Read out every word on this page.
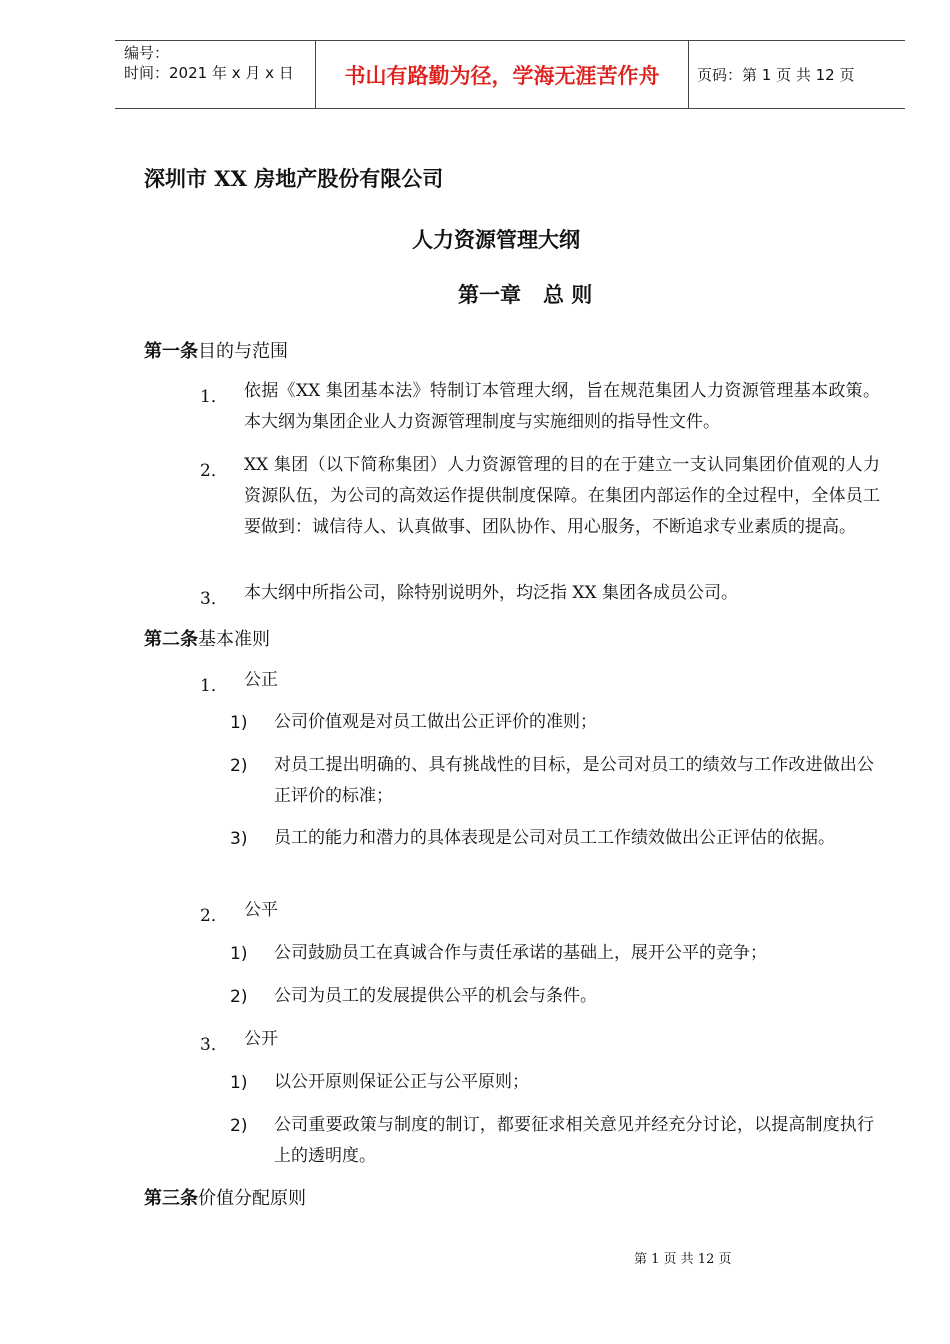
编号：
时间：2021 年 x 月 x 日	书山有路勤为径，学海无涯苦作舟	页码：第 1 页 共 12 页
深圳市 XX 房地产股份有限公司
人力资源管理大纲
第一章 总 则
第一条目的与范围
1． 依据《XX 集团基本法》特制订本管理大纲，旨在规范集团人力资源管理基本政策。本大纲为集团企业人力资源管理制度与实施细则的指导性文件。
2． XX 集团（以下简称集团）人力资源管理的目的在于建立一支认同集团价值观的人力资源队伍，为公司的高效运作提供制度保障。在集团内部运作的全过程中，全体员工要做到：诚信待人、认真做事、团队协作、用心服务，不断追求专业素质的提高。
3． 本大纲中所指公司，除特别说明外，均泛指 XX 集团各成员公司。
第二条基本准则
1． 公正
1) 公司价值观是对员工做出公正评价的准则；
2) 对员工提出明确的、具有挑战性的目标，是公司对员工的绩效与工作改进做出公正评价的标准；
3) 员工的能力和潜力的具体表现是公司对员工工作绩效做出公正评估的依据。
2． 公平
1) 公司鼓励员工在真诚合作与责任承诺的基础上，展开公平的竞争；
2) 公司为员工的发展提供公平的机会与条件。
3． 公开
1) 以公开原则保证公正与公平原则；
2) 公司重要政策与制度的制订，都要征求相关意见并经充分讨论，以提高制度执行上的透明度。
第三条价值分配原则
第 1 页 共 12 页
